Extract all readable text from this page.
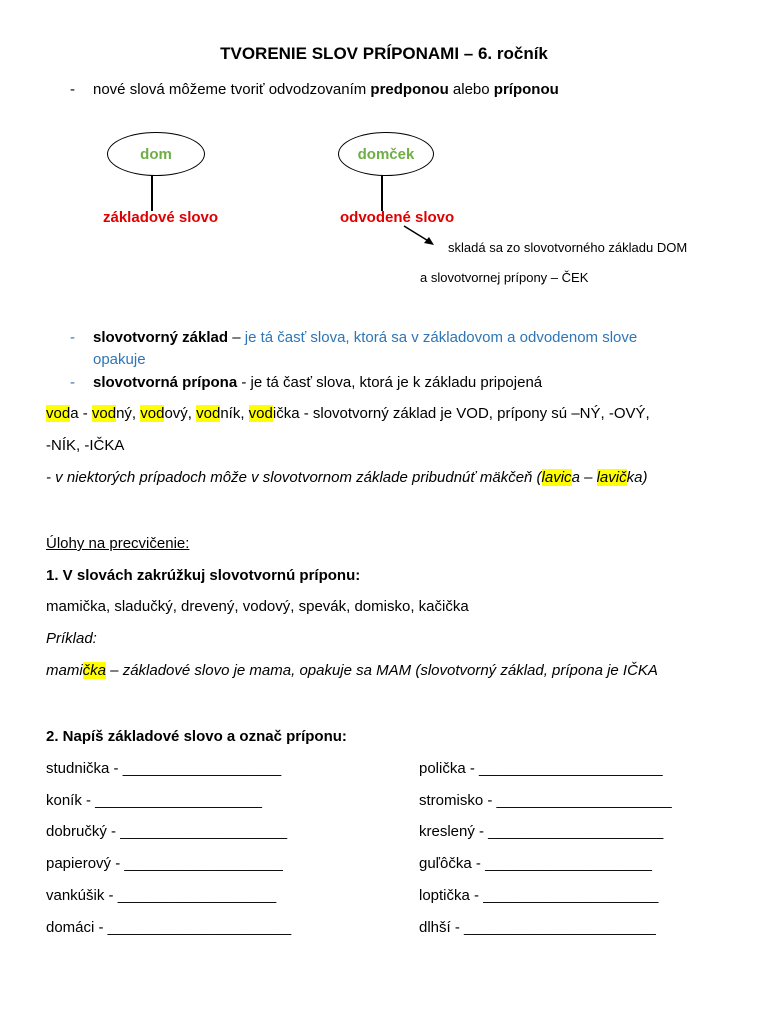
TVORENIE SLOV PRÍPONAMI – 6. ročník
- nové slová môžeme tvoriť odvodzovaním predponou alebo príponou
dom
základové slovo
domček
odvodené slovo
skladá sa zo slovotvorného základu DOM
a slovotvornej prípony – ČEK
- slovotvorný základ – je tá časť slova, ktorá sa v základovom a odvodenom slove
opakuje
- slovotvorná prípona - je tá časť slova, ktorá je k základu pripojená
voda - vodný, vodový, vodník, vodička - slovotvorný základ je VOD, prípony sú –NÝ, -OVÝ,
-NÍK, -IČKA
- v niektorých prípadoch môže v slovotvornom základe pribudnúť mäkčeň (lavica – lavička)
Úlohy na precvičenie:
1. V slovách zakrúžkuj slovotvornú príponu:
mamička, sladučký, drevený, vodový, spevák, domisko, kačička
Príklad:
mamička – základové slovo je mama, opakuje sa MAM (slovotvorný základ, prípona je IČKA
2. Napíš základové slovo a označ príponu:
studnička - ___________________
koník - ____________________
dobručký - ____________________
papierový - ___________________
vankúšik - ___________________
domáci - ______________________
polička - ______________________
stromisko - _____________________
kreslený - _____________________
guľôčka - ____________________
loptička - _____________________
dlhší - _______________________
